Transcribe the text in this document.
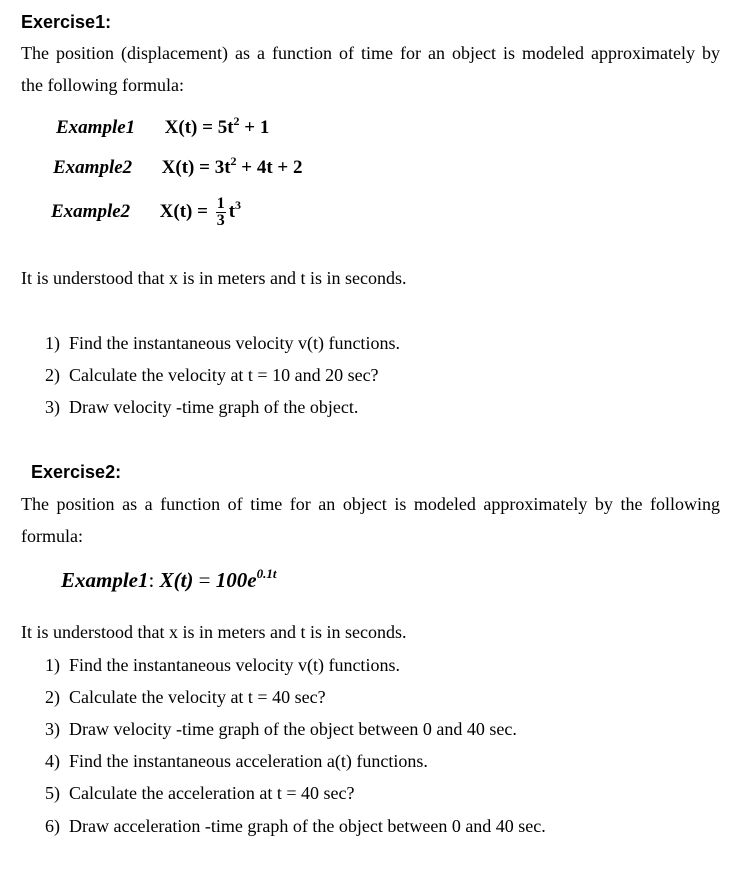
Exercise1:
The position (displacement) as a function of time for an object is modeled approximately by
the following formula:
Example1 $X(t) = 5t^2 + 1$
Example2 $X(t) = 3t^2 + 4t + 2$
Example2 $X(t) = \frac{1}{3} t^3$
It is understood that x is in meters and t is in seconds.
1) Find the instantaneous velocity v(t) functions.
2) Calculate the velocity at t = 10 and 20 sec?
3) Draw velocity -time graph of the object.
Exercise2:
The position as a function of time for an object is modeled approximately by the following
formula:
Example1: $X(t) = 100e^{0.1t}$
It is understood that x is in meters and t is in seconds.
1) Find the instantaneous velocity v(t) functions.
2) Calculate the velocity at t = 40 sec?
3) Draw velocity -time graph of the object between 0 and 40 sec.
4) Find the instantaneous acceleration a(t) functions.
5) Calculate the acceleration at t = 40 sec?
6) Draw acceleration -time graph of the object between 0 and 40 sec.
